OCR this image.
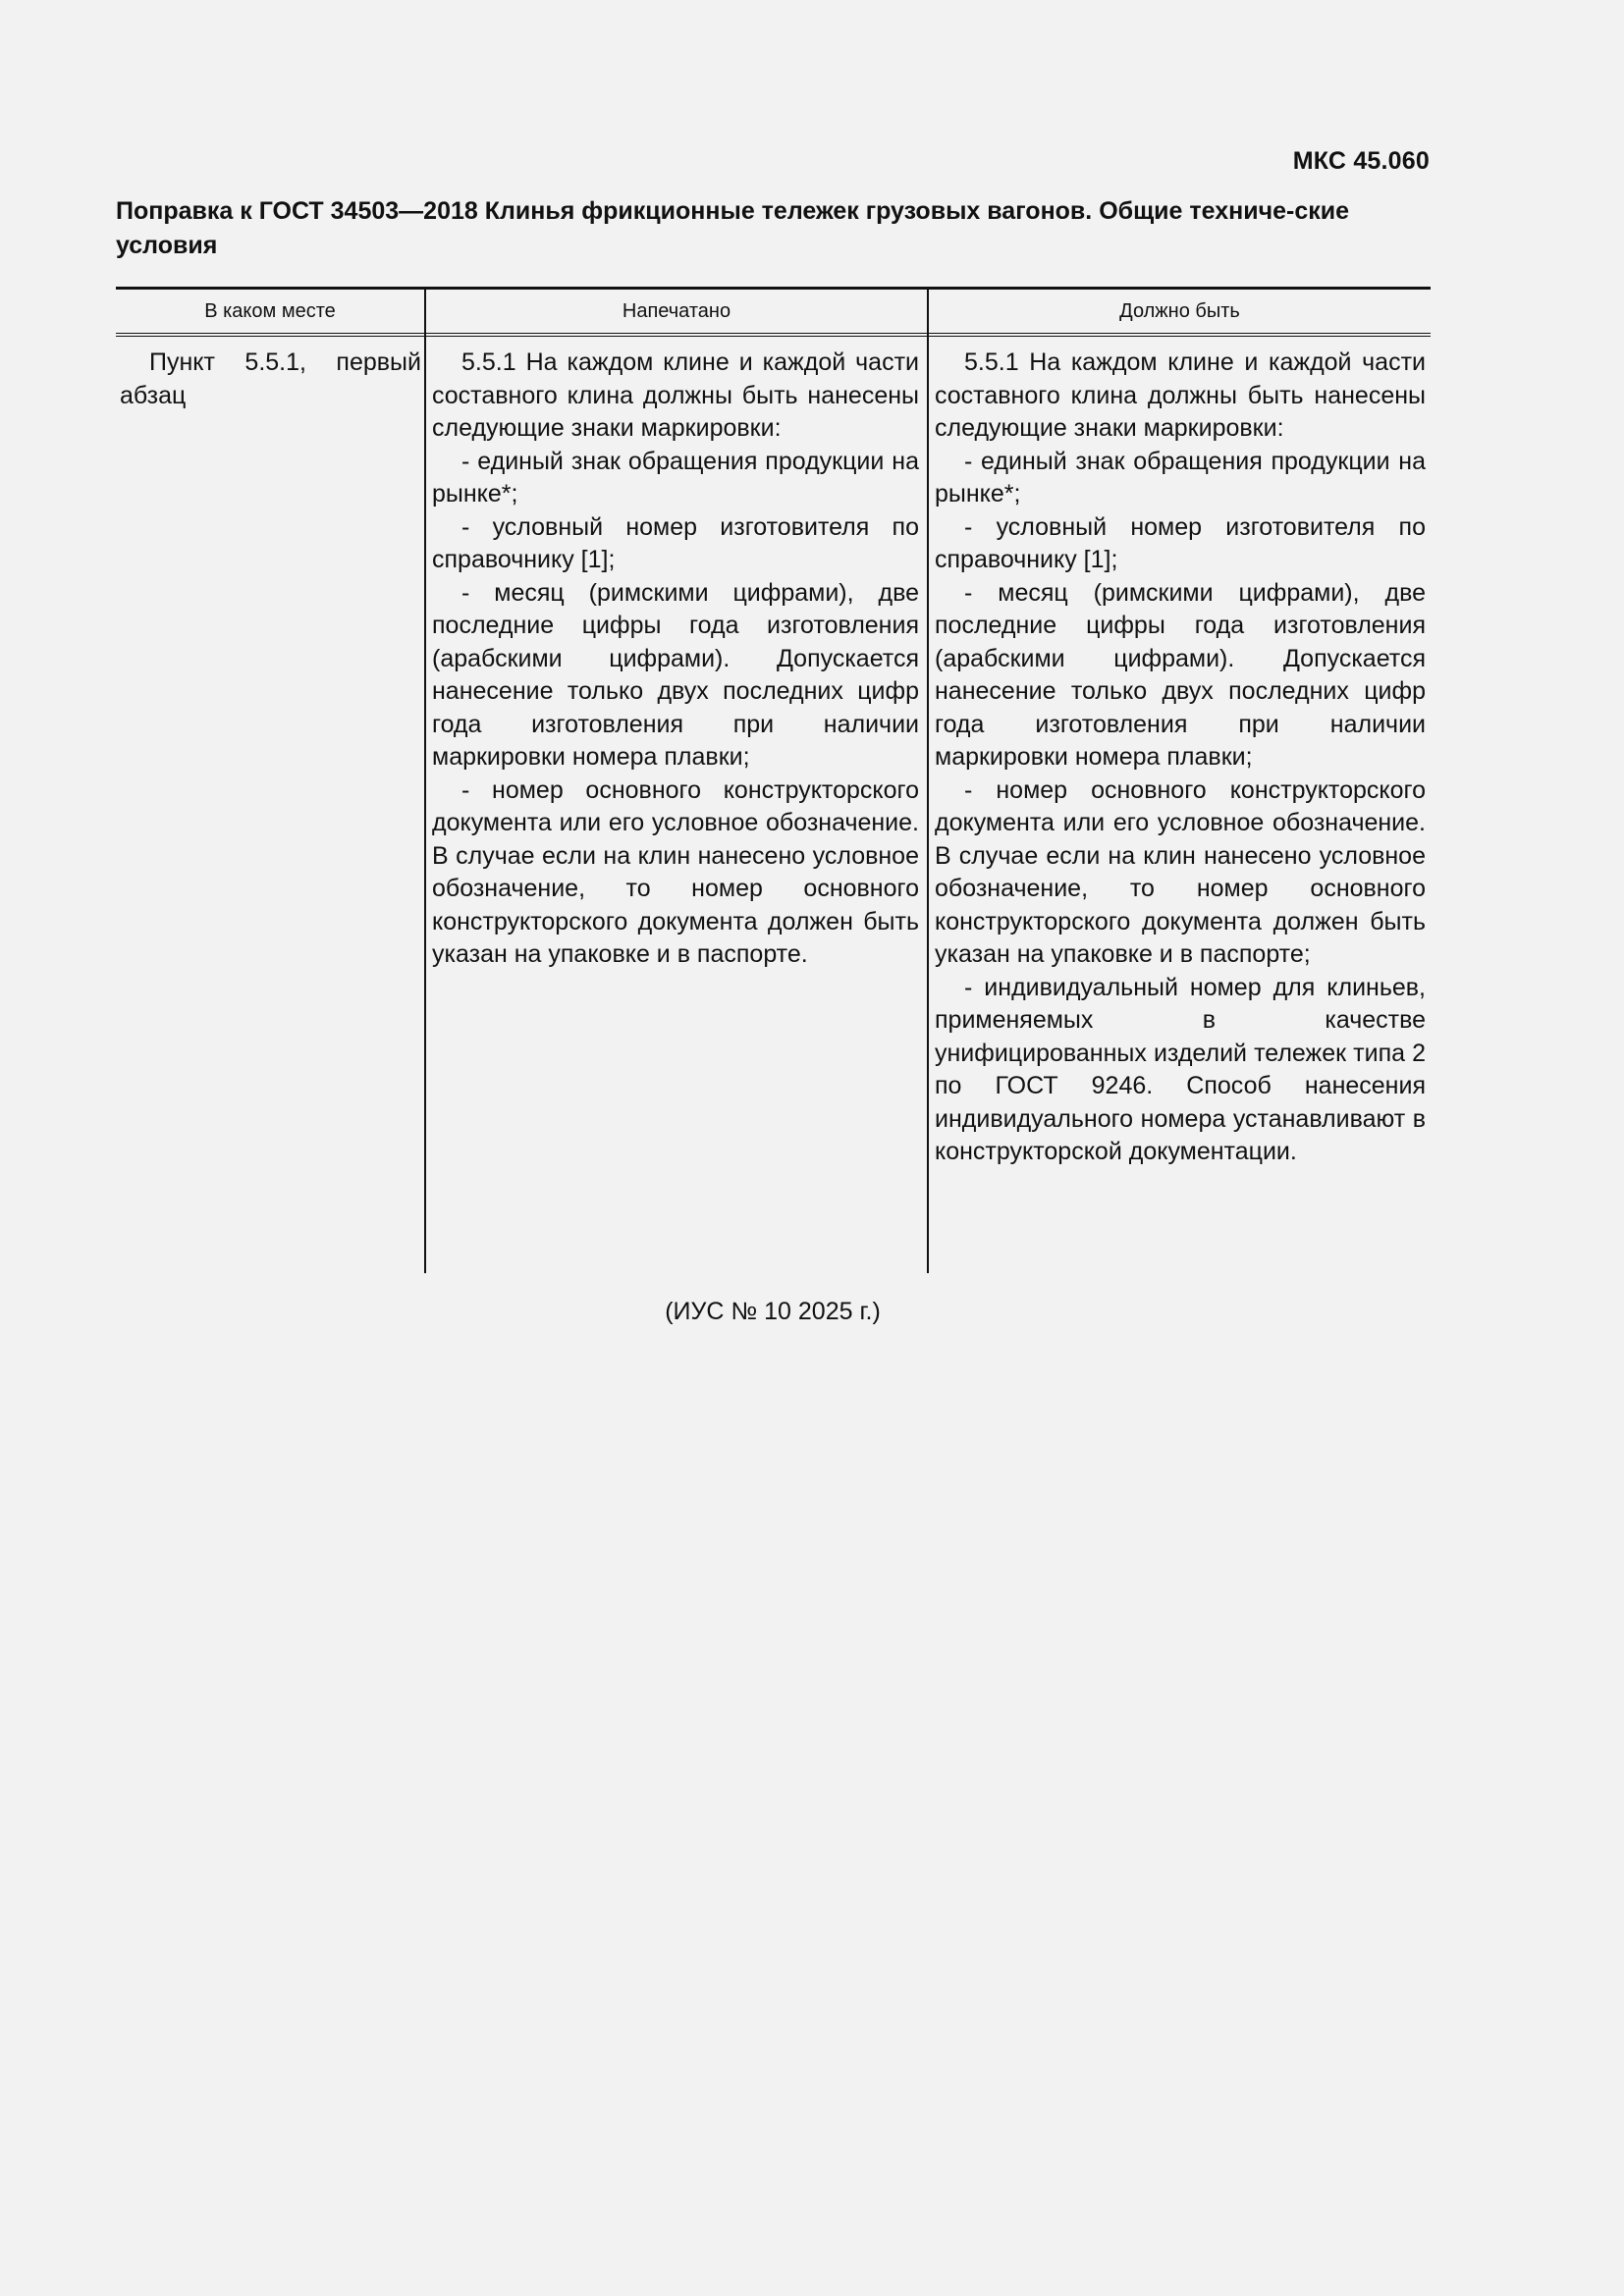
МКС 45.060
Поправка к ГОСТ 34503—2018 Клинья фрикционные тележек грузовых вагонов. Общие техниче-ские условия
В каком месте	Напечатано	Должно быть

Пункт 5.5.1, первый абзац

5.5.1 На каждом клине и каждой части составного клина должны быть нанесены следующие знаки маркировки:

- единый знак обращения продукции на рынке*;

- условный номер изготовителя по справочнику [1];

- месяц (римскими цифрами), две последние цифры года изготовления (арабскими цифрами). Допускается нанесение только двух последних цифр года изготовления при наличии маркировки номера плавки;

- номер основного конструкторского документа или его условное обозначение. В случае если на клин нанесено условное обозначение, то номер основного конструкторского документа должен быть указан на упаковке и в паспорте.

5.5.1 На каждом клине и каждой части составного клина должны быть нанесены следующие знаки маркировки:

- единый знак обращения продукции на рынке*;

- условный номер изготовителя по справочнику [1];

- месяц (римскими цифрами), две последние цифры года изготовления (арабскими цифрами). Допускается нанесение только двух последних цифр года изготовления при наличии маркировки номера плавки;

- номер основного конструкторского документа или его условное обозначение. В случае если на клин нанесено условное обозначение, то номер основного конструкторского документа должен быть указан на упаковке и в паспорте;

- индивидуальный номер для клиньев, применяемых в качестве унифицированных изделий тележек типа 2 по ГОСТ 9246. Способ нанесения индивидуального номера устанавливают в конструкторской документации.

(ИУС № 10 2025 г.)
